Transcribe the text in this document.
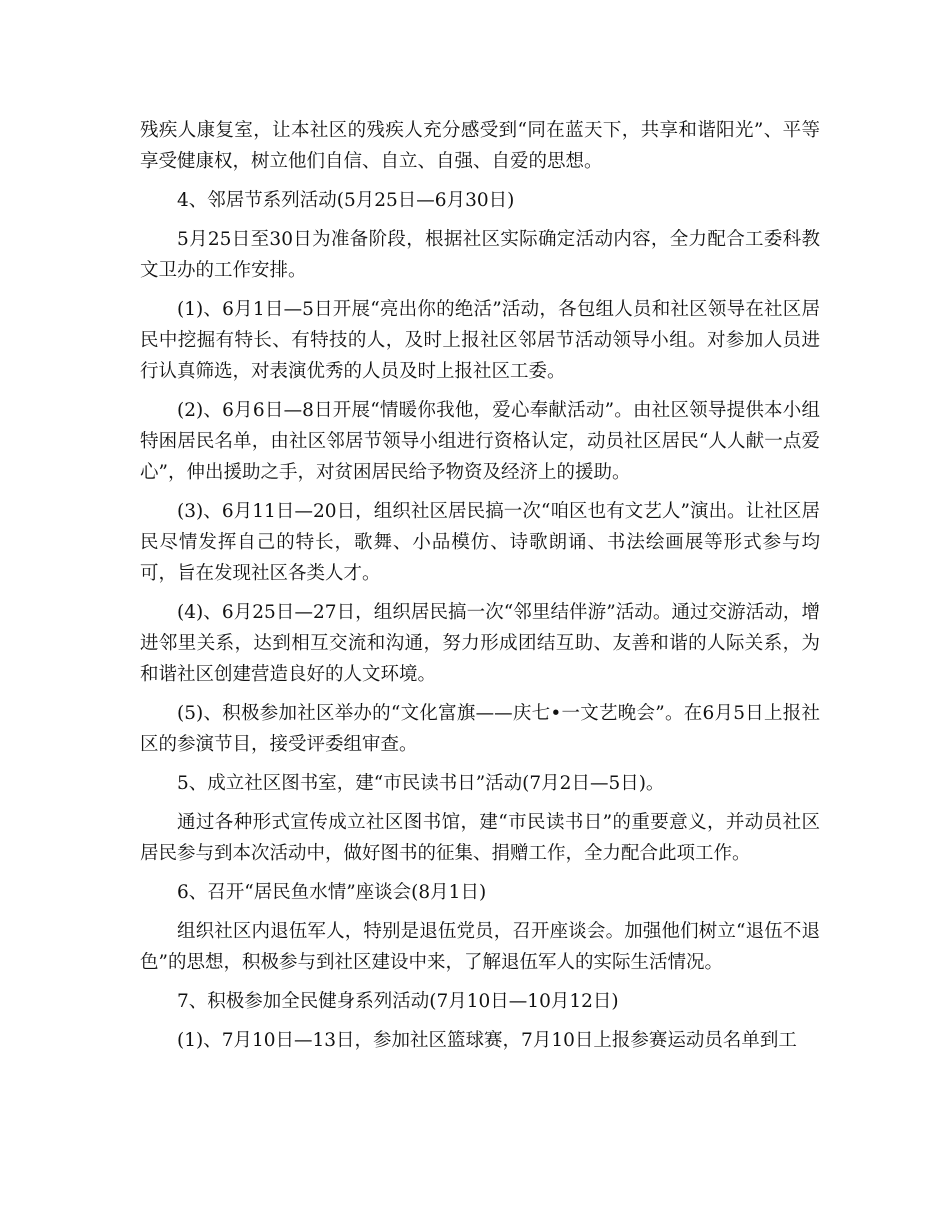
残疾人康复室，让本社区的残疾人充分感受到“同在蓝天下，共享和谐阳光”、平等享受健康权，树立他们自信、自立、自强、自爱的思想。

4、邻居节系列活动(5月25日—6月30日)

5月25日至30日为准备阶段，根据社区实际确定活动内容，全力配合工委科教文卫办的工作安排。

(1)、6月1日—5日开展“亮出你的绝活”活动，各包组人员和社区领导在社区居民中挖掘有特长、有特技的人，及时上报社区邻居节活动领导小组。对参加人员进行认真筛选，对表演优秀的人员及时上报社区工委。

(2)、6月6日—8日开展“情暖你我他，爱心奉献活动”。由社区领导提供本小组特困居民名单，由社区邻居节领导小组进行资格认定，动员社区居民“人人献一点爱心”，伸出援助之手，对贫困居民给予物资及经济上的援助。

(3)、6月11日—20日，组织社区居民搞一次“咱区也有文艺人”演出。让社区居民尽情发挥自己的特长，歌舞、小品模仿、诗歌朗诵、书法绘画展等形式参与均可，旨在发现社区各类人才。

(4)、6月25日—27日，组织居民搞一次“邻里结伴游”活动。通过交游活动，增进邻里关系，达到相互交流和沟通，努力形成团结互助、友善和谐的人际关系，为和谐社区创建营造良好的人文环境。

(5)、积极参加社区举办的“文化富旗——庆七•一文艺晚会”。在6月5日上报社区的参演节目，接受评委组审查。

5、成立社区图书室，建“市民读书日”活动(7月2日—5日)。

通过各种形式宣传成立社区图书馆，建“市民读书日”的重要意义，并动员社区居民参与到本次活动中，做好图书的征集、捐赠工作，全力配合此项工作。

6、召开“居民鱼水情”座谈会(8月1日)

组织社区内退伍军人，特别是退伍党员，召开座谈会。加强他们树立“退伍不退色”的思想，积极参与到社区建设中来，了解退伍军人的实际生活情况。

7、积极参加全民健身系列活动(7月10日—10月12日)

(1)、7月10日—13日，参加社区篮球赛，7月10日上报参赛运动员名单到工
